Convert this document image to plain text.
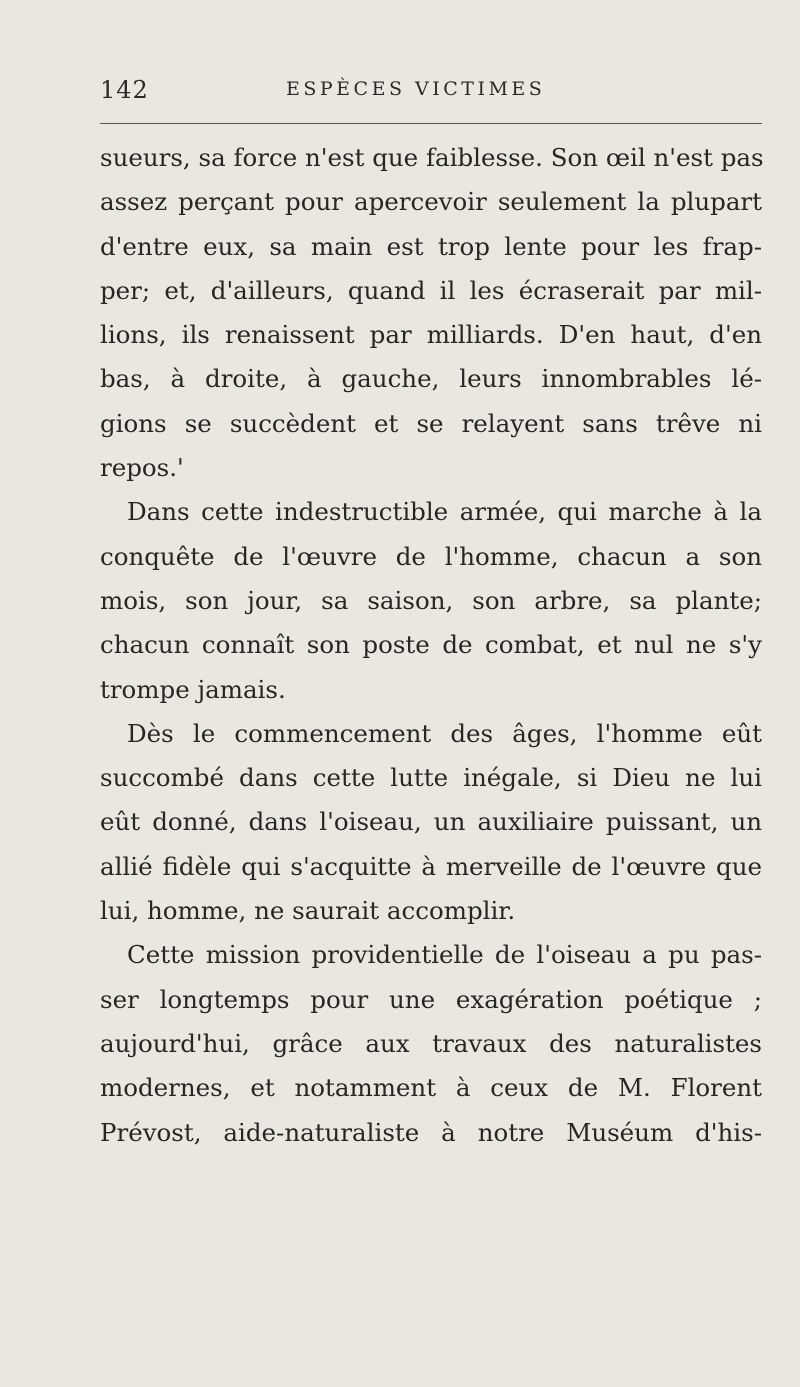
142	ESPÈCES VICTIMES
sueurs, sa force n'est que faiblesse. Son œil n'est pas
assez perçant pour apercevoir seulement la plupart
d'entre eux, sa main est trop lente pour les frap-
per; et, d'ailleurs, quand il les écraserait par mil-
lions, ils renaissent par milliards. D'en haut, d'en
bas, à droite, à gauche, leurs innombrables lé-
gions se succèdent et se relayent sans trêve ni
repos.'
Dans cette indestructible armée, qui marche à la
conquête de l'œuvre de l'homme, chacun a son
mois, son jour, sa saison, son arbre, sa plante;
chacun connaît son poste de combat, et nul ne s'y
trompe jamais.
Dès le commencement des âges, l'homme eût
succombé dans cette lutte inégale, si Dieu ne lui
eût donné, dans l'oiseau, un auxiliaire puissant, un
allié fidèle qui s'acquitte à merveille de l'œuvre que
lui, homme, ne saurait accomplir.
Cette mission providentielle de l'oiseau a pu pas-
ser longtemps pour une exagération poétique ;
aujourd'hui, grâce aux travaux des naturalistes
modernes, et notamment à ceux de M. Florent
Prévost, aide-naturaliste à notre Muséum d'his-
